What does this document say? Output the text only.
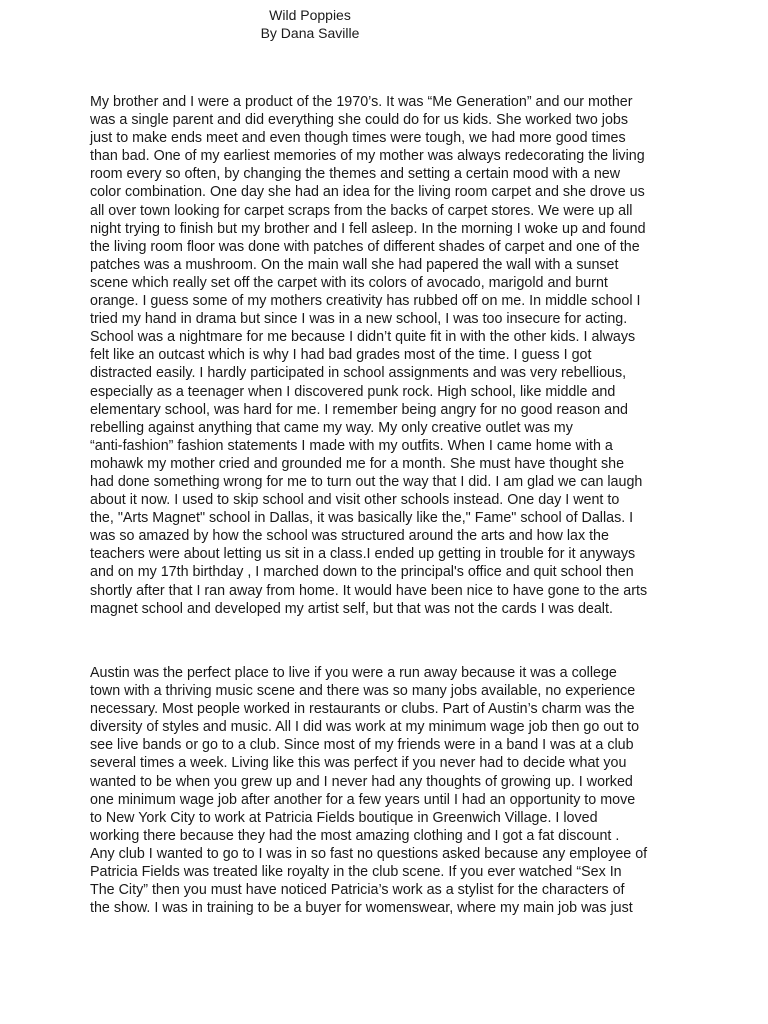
Wild Poppies
By Dana Saville
My brother and I were a product of the 1970’s. It was “Me Generation” and our mother
was a single parent and did everything she could do for us kids. She worked two jobs
just to make ends meet and even though times were tough, we had more good times
than bad. One of my earliest memories of my mother was always redecorating the living
room every so often, by changing the themes and setting a certain mood with a new
color combination. One day she had an idea for the living room carpet and she drove us
all over town looking for carpet scraps from the backs of carpet stores. We were up all
night trying to finish but my brother and I fell asleep. In the morning I woke up and found
the living room floor was done with patches of different shades of carpet and one of the
patches was a mushroom. On the main wall she had papered the wall with a sunset
scene which really set off the carpet with its colors of avocado, marigold and burnt
orange. I guess some of my mothers creativity has rubbed off on me. In middle school I
tried my hand in drama but since I was in a new school, I was too insecure for acting.
School was a nightmare for me because I didn’t quite fit in with the other kids. I always
felt like an outcast which is why I had bad grades most of the time. I guess I got
distracted easily. I hardly participated in school assignments and was very rebellious,
especially as a teenager when I discovered punk rock. High school, like middle and
elementary school, was hard for me. I remember being angry for no good reason and
rebelling against anything that came my way. My only creative outlet was my
“anti-fashion” fashion statements I made with my outfits. When I came home with a
mohawk my mother cried and grounded me for a month. She must have thought she
had done something wrong for me to turn out the way that I did. I am glad we can laugh
about it now. I used to skip school and visit other schools instead. One day I went to
the, "Arts Magnet" school in Dallas, it was basically like the," Fame" school of Dallas. I
was so amazed by how the school was structured around the arts and how lax the
teachers were about letting us sit in a class.I ended up getting in trouble for it anyways
and on my 17th birthday , I marched down to the principal's office and quit school then
shortly after that I ran away from home. It would have been nice to have gone to the arts
magnet school and developed my artist self, but that was not the cards I was dealt.
Austin was the perfect place to live if you were a run away because it was a college
town with a thriving music scene and there was so many jobs available, no experience
necessary. Most people worked in restaurants or clubs. Part of Austin’s charm was the
diversity of styles and music. All I did was work at my minimum wage job then go out to
see live bands or go to a club. Since most of my friends were in a band I was at a club
several times a week. Living like this was perfect if you never had to decide what you
wanted to be when you grew up and I never had any thoughts of growing up. I worked
one minimum wage job after another for a few years until I had an opportunity to move
to New York City to work at Patricia Fields boutique in Greenwich Village. I loved
working there because they had the most amazing clothing and I got a fat discount .
Any club I wanted to go to I was in so fast no questions asked because any employee of
Patricia Fields was treated like royalty in the club scene. If you ever watched “Sex In
The City” then you must have noticed Patricia’s work as a stylist for the characters of
the show. I was in training to be a buyer for womenswear, where my main job was just
